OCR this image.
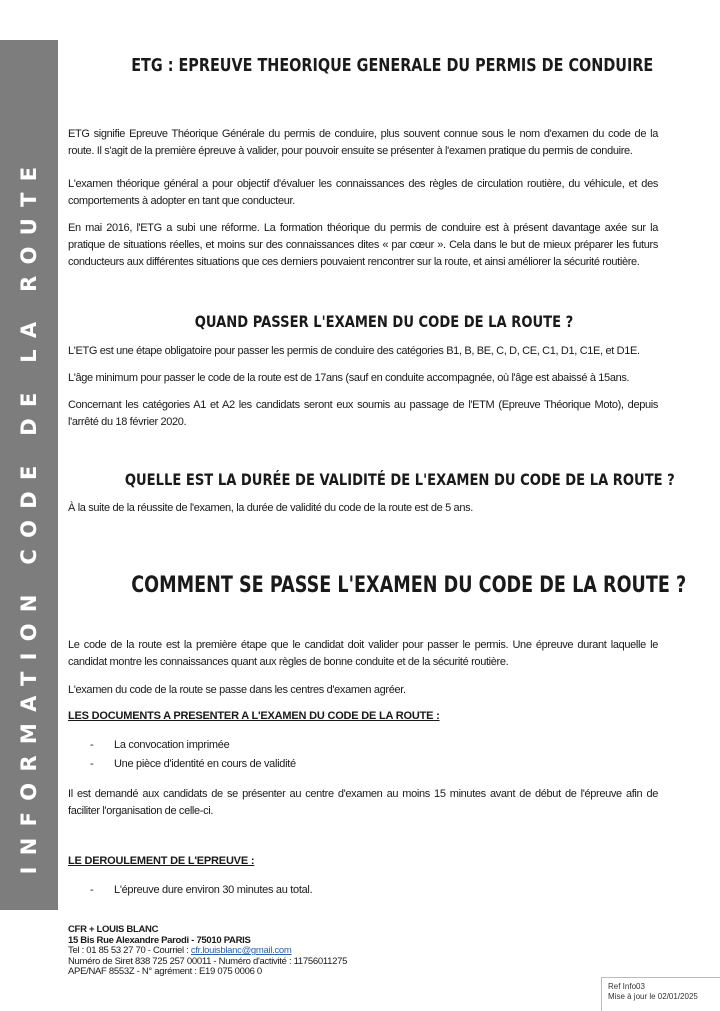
INFORMATION CODE DE LA ROUTE
ETG : EPREUVE THEORIQUE GENERALE DU PERMIS DE CONDUIRE

ETG signifie Epreuve Théorique Générale du permis de conduire, plus souvent connue sous le nom d'examen du code de la route. Il s'agit de la première épreuve à valider, pour pouvoir ensuite se présenter à l'examen pratique du permis de conduire.

L'examen théorique général a pour objectif d'évaluer les connaissances des règles de circulation routière, du véhicule, et des comportements à adopter en tant que conducteur.

En mai 2016, l'ETG a subi une réforme. La formation théorique du permis de conduire est à présent davantage axée sur la pratique de situations réelles, et moins sur des connaissances dites « par cœur ». Cela dans le but de mieux préparer les futurs conducteurs aux différentes situations que ces derniers pouvaient rencontrer sur la route, et ainsi améliorer la sécurité routière.

QUAND PASSER L'EXAMEN DU CODE DE LA ROUTE ?

L'ETG est une étape obligatoire pour passer les permis de conduire des catégories B1, B, BE, C, D, CE, C1, D1, C1E, et D1E.

L'âge minimum pour passer le code de la route est de 17ans (sauf en conduite accompagnée, où l'âge est abaissé à 15ans.

Concernant les catégories A1 et A2 les candidats seront eux soumis au passage de l'ETM (Epreuve Théorique Moto), depuis l'arrêté du 18 février 2020.

QUELLE EST LA DURÉE DE VALIDITÉ DE L'EXAMEN DU CODE DE LA ROUTE ?

À la suite de la réussite de l'examen, la durée de validité du code de la route est de 5 ans.

COMMENT SE PASSE L'EXAMEN DU CODE DE LA ROUTE ?

Le code de la route est la première étape que le candidat doit valider pour passer le permis. Une épreuve durant laquelle le candidat montre les connaissances quant aux règles de bonne conduite et de la sécurité routière.

L'examen du code de la route se passe dans les centres d'examen agréer.

LES DOCUMENTS A PRESENTER A L'EXAMEN DU CODE DE LA ROUTE :
- La convocation imprimée
- Une pièce d'identité en cours de validité

Il est demandé aux candidats de se présenter au centre d'examen au moins 15 minutes avant de début de l'épreuve afin de faciliter l'organisation de celle-ci.

LE DEROULEMENT DE L'EPREUVE :
- L'épreuve dure environ 30 minutes au total.
CFR + LOUIS BLANC
15 Bis Rue Alexandre Parodi - 75010 PARIS
Tel : 01 85 53 27 70 - Courriel : cfr.louisblanc@gmail.com
Numéro de Siret 838 725 257 00011 - Numéro d'activité : 11756011275
APE/NAF 8553Z - N° agrément : E19 075 0006 0
Ref Info03
Mise à jour le 02/01/2025
